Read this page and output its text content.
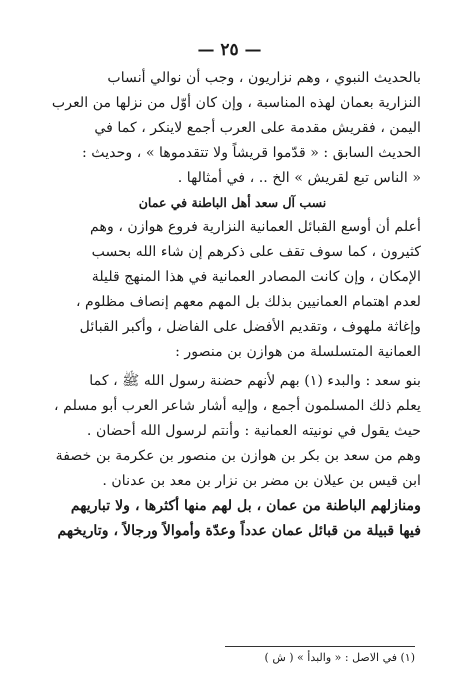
— ٢٥ —

بالحديث النبوي ، وهم نزاريون ، وجب أن نوالي أنساب

النزارية بعمان لهذه المناسبة ، وإن كان أوّل من نزلها من العرب

اليمن ، فقريش مقدمة على العرب أجمع لاينكر ، كما في

الحديث السابق : « قدّموا قريشاً ولا تتقدموها » ، وحديث :

« الناس تبع لقريش » الخ .. ، في أمثالها .

نسب آل سعد أهل الباطنة في عمان

أعلم أن أوسع القبائل العمانية النزارية فروع هوازن ، وهم

كثيرون ، كما سوف تقف على ذكرهم إن شاء الله بحسب

الإمكان ، وإن كانت المصادر العمانية في هذا المنهج قليلة

لعدم اهتمام العمانيين بذلك بل المهم معهم إنصاف مظلوم ،

وإغاثة ملهوف ، وتقديم الأفضل على الفاضل ، وأكبر القبائل

العمانية المتسلسلة من هوازن بن منصور :

بنو سعد : والبدء (١) بهم لأنهم حضنة رسول الله ﷺ ، كما

يعلم ذلك المسلمون أجمع ، وإليه أشار شاعر العرب أبو مسلم ،

حيث يقول في نونيته العمانية : وأنتم لرسول الله أحضان .

وهم من سعد بن بكر بن هوازن بن منصور بن عكرمة بن خصفة

ابن قيس بن عيلان بن مضر بن نزار بن معد بن عدنان .

ومنازلهم الباطنة من عمان ، بل لهم منها أكثرها ، ولا تباريهم

فيها قبيلة من قبائل عمان عدداً وعدّة وأموالاً ورجالاً ، وتاريخهم

(١) في الاصل : « والبدأ » ( ش )
